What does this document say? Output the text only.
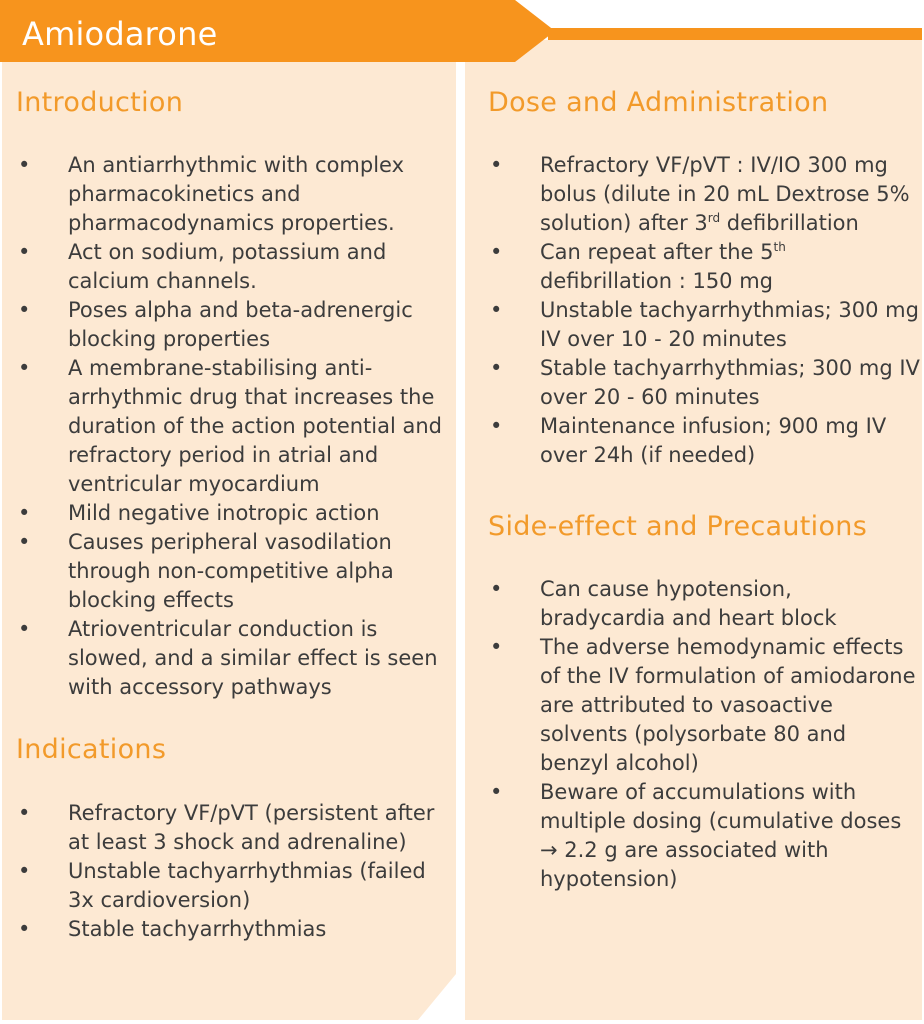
Amiodarone
Introduction
• An antiarrhythmic with complex pharmacokinetics and pharmacodynamics properties.
• Act on sodium, potassium and calcium channels.
• Poses alpha and beta-adrenergic blocking properties
• A membrane-stabilising anti-arrhythmic drug that increases the duration of the action potential and refractory period in atrial and ventricular myocardium
• Mild negative inotropic action
• Causes peripheral vasodilation through non-competitive alpha blocking effects
• Atrioventricular conduction is slowed, and a similar effect is seen with accessory pathways
Indications
• Refractory VF/pVT (persistent after at least 3 shock and adrenaline)
• Unstable tachyarrhythmias (failed 3x cardioversion)
• Stable tachyarrhythmias
Dose and Administration
• Refractory VF/pVT : IV/IO 300 mg bolus (dilute in 20 mL Dextrose 5% solution) after 3rd defibrillation
• Can repeat after the 5th defibrillation : 150 mg
• Unstable tachyarrhythmias; 300 mg IV over 10 - 20 minutes
• Stable tachyarrhythmias; 300 mg IV over 20 - 60 minutes
• Maintenance infusion; 900 mg IV over 24h (if needed)
Side-effect and Precautions
• Can cause hypotension, bradycardia and heart block
• The adverse hemodynamic effects of the IV formulation of amiodarone are attributed to vasoactive solvents (polysorbate 80 and benzyl alcohol)
• Beware of accumulations with multiple dosing (cumulative doses → 2.2 g are associated with hypotension)
